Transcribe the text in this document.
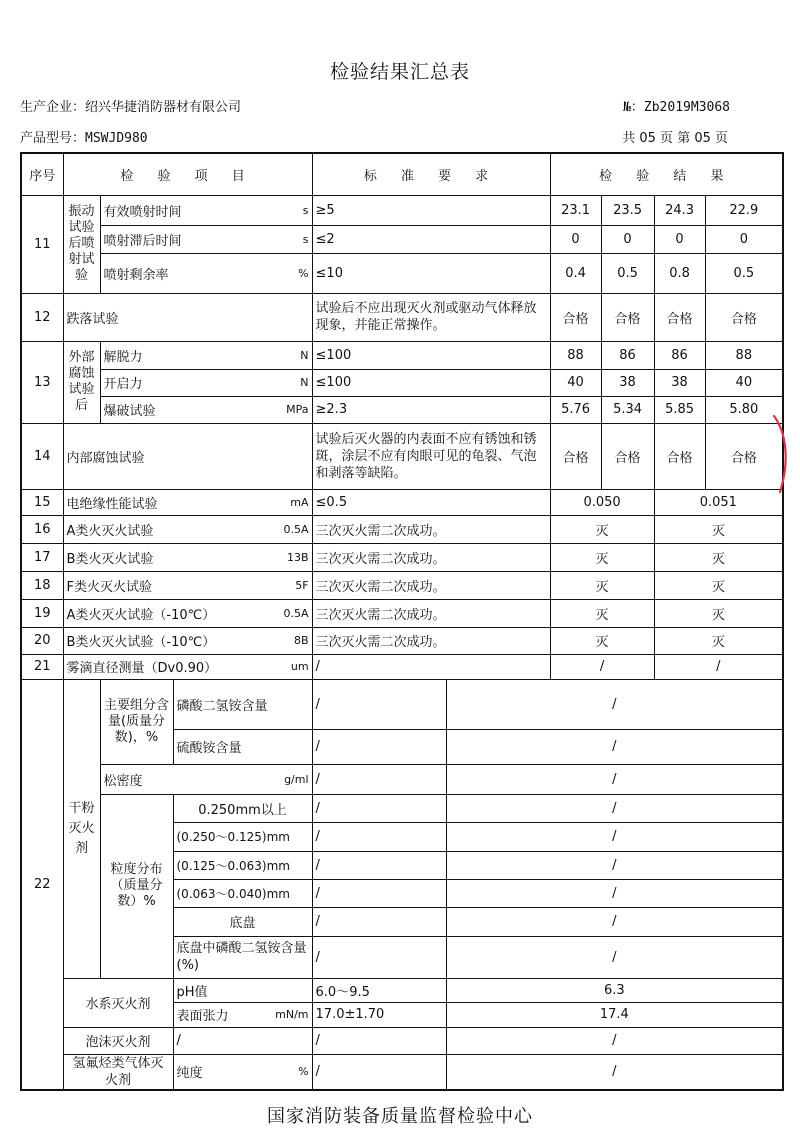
检验结果汇总表
生产企业：绍兴华捷消防器材有限公司	№：Zb2019M3068
产品型号：MSWJD980	共 05 页 第 05 页
序号	检 验 项 目			标 准 要 求		检 验 结 果			
11	振动试验后喷射试验	有效喷射时间 s		≥5		23.1	23.5	24.3	22.9

		喷射滞后时间 s		≤2		0	0	0	0

		喷射剩余率 %		≤10		0.4	0.5	0.8	0.5
12	跌落试验			试验后不应出现灭火剂或驱动气体释放现象，并能正常操作。		合格	合格	合格	合格
13	外部腐蚀试验后	解脱力 N		≤100		88	86	86	88

		开启力 N		≤100		40	38	38	40

		爆破试验 MPa		≥2.3		5.76	5.34	5.85	5.80
14	内部腐蚀试验			试验后灭火器的内表面不应有锈蚀和锈斑，涂层不应有肉眼可见的龟裂、气泡和剥落等缺陷。		合格	合格	合格	合格
15	电绝缘性能试验 mA			≤0.5		0.050		0.051	
16	A类火灭火试验 0.5A			三次灭火需二次成功。		灭		灭	
17	B类火灭火试验 13B			三次灭火需二次成功。		灭		灭	
18	F类火灭火试验 5F			三次灭火需二次成功。		灭		灭	
19	A类火灭火试验（-10℃） 0.5A			三次灭火需二次成功。		灭		灭	
20	B类火灭火试验（-10℃） 8B			三次灭火需二次成功。		灭		灭	
21	雾滴直径测量（Dv0.90） um			/		/		/	
22	干粉灭火剂	主要组分含量(质量分数)，%	磷酸二氢铵含量	/	/				
			硫酸铵含量	/	/				

		松密度 g/ml		/	/				
		粒度分布（质量分数）%	0.250mm以上	/	/				
			(0.250～0.125)mm	/	/				
			(0.125～0.063)mm	/	/				
			(0.063～0.040)mm	/	/				
			底盘	/	/				
			底盘中磷酸二氢铵含量(%)	/	/				

	水系灭火剂		pH值	6.0～9.5	6.3				

			表面张力 mN/m	17.0±1.70	17.4				
	泡沫灭火剂		/	/	/				
	氢氟烃类气体灭火剂		纯度 %	/	/				
国家消防装备质量监督检验中心
